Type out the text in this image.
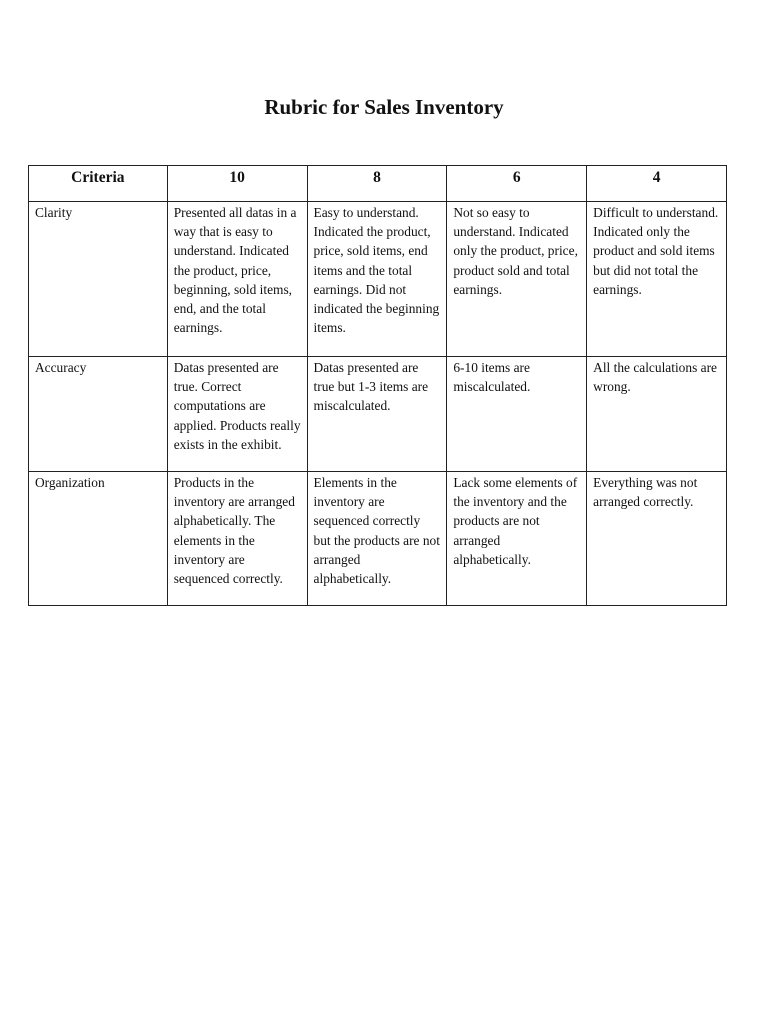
Rubric for Sales Inventory
Criteria	10	8	6	4
Clarity	Presented all datas in a way that is easy to understand. Indicated the product, price, beginning, sold items, end, and the total earnings.	Easy to understand. Indicated the product, price, sold items, end items and the total earnings. Did not indicated the beginning items.	Not so easy to understand. Indicated only the product, price, product sold and total earnings.	Difficult to understand. Indicated only the product and sold items but did not total the earnings.
Accuracy	Datas presented are true. Correct computations are applied. Products really exists in the exhibit.	Datas presented are true but 1-3 items are miscalculated.	6-10 items are miscalculated.	All the calculations are wrong.
Organization	Products in the inventory are arranged alphabetically. The elements in the inventory are sequenced correctly.	Elements in the inventory are sequenced correctly but the products are not arranged alphabetically.	Lack some elements of the inventory and the products are not arranged alphabetically.	Everything was not arranged correctly.
